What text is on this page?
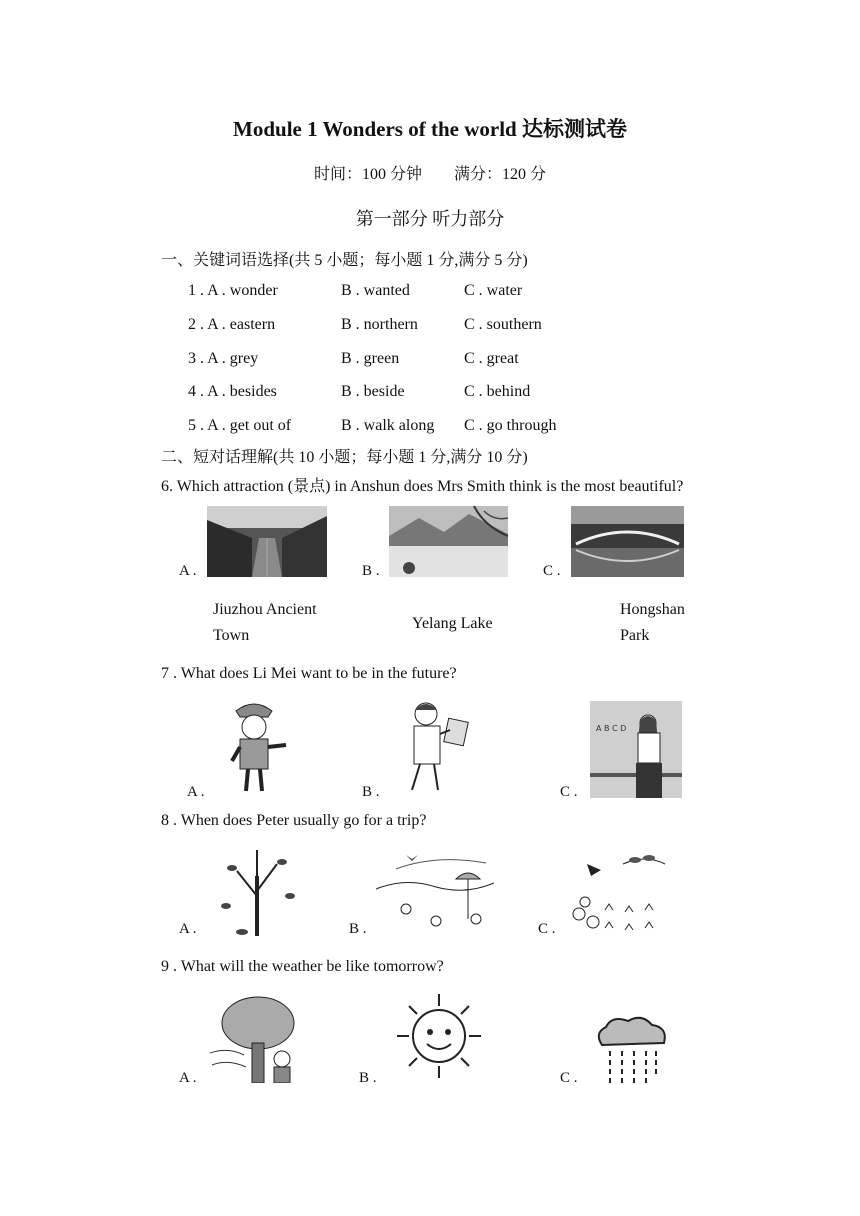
Module 1 Wonders of the world 达标测试卷
时间：100 分钟 满分：120 分
第一部分 听力部分
一、关键词语选择(共 5 小题；每小题 1 分,满分 5 分)
1 . A . wonder	B . wanted	C . water
2 . A . eastern	B . northern	C . southern
3 . A . grey	B . green	C . great
4 . A . besides	B . beside	C . behind
5 . A . get out of	B . walk along C . go through
二、短对话理解(共 10 小题；每小题 1 分,满分 10 分)
6. Which attraction (景点) in Anshun does Mrs Smith think is the most beautiful?
A .	B .	C .
Jiuzhou Ancient Town
Yelang Lake
Hongshan Park
7 . What does Li Mei want to be in the future?
A .	B .	C .
A B C D
8 . When does Peter usually go for a trip?
A .	B .	C .
9 . What will the weather be like tomorrow?
A .	B .	C .
